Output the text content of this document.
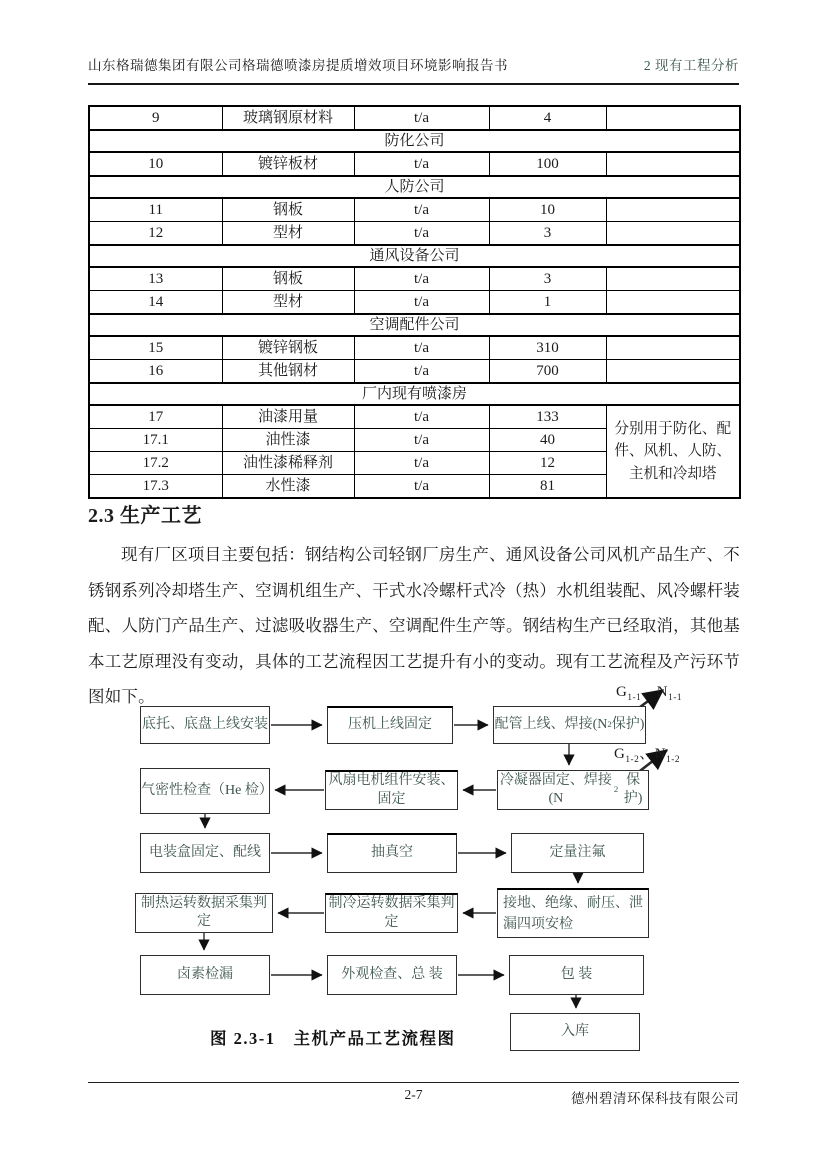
山东格瑞德集团有限公司格瑞德喷漆房提质增效项目环境影响报告书	2 现有工程分析
9	玻璃钢原材料	t/a	4	
防化公司				
10	镀锌板材	t/a	100	
人防公司				
11	钢板	t/a	10	
12	型材	t/a	3	
通风设备公司				
13	钢板	t/a	3	
14	型材	t/a	1	
空调配件公司				
15	镀锌钢板	t/a	310	
16	其他钢材	t/a	700	
厂内现有喷漆房				
17	油漆用量	t/a	133	分别用于防化、配件、风机、人防、主机和冷却塔
17.1	油性漆	t/a	40	
17.2	油性漆稀释剂	t/a	12	
17.3	水性漆	t/a	81	
2.3 生产工艺
现有厂区项目主要包括：钢结构公司轻钢厂房生产、通风设备公司风机产品生产、不锈钢系列冷却塔生产、空调机组生产、干式水冷螺杆式冷（热）水机组装配、风冷螺杆装配、人防门产品生产、过滤吸收器生产、空调配件生产等。钢结构生产已经取消，其他基本工艺原理没有变动，具体的工艺流程因工艺提升有小的变动。现有工艺流程及产污环节图如下。
图 2.3-1　主机产品工艺流程图
底托、底盘上线安装	压机上线固定	配管上线、焊接(N 2 保护)
气密性检查（He 检）
风扇电机组件安装、固定
冷凝器固定、焊接(N
2
保护)
电装盒固定、配线	抽真空	定量注氟
制热运转数据采集判定
制冷运转数据采集判定
接地、绝缘、耐压、泄漏四项安检
卤素检漏	外观检查、总 装	包 装
入库
$G_{1-1}$、$N_{1-1}$
$G_{1-2}$、$N_{1-2}$
2-7	德州碧清环保科技有限公司
